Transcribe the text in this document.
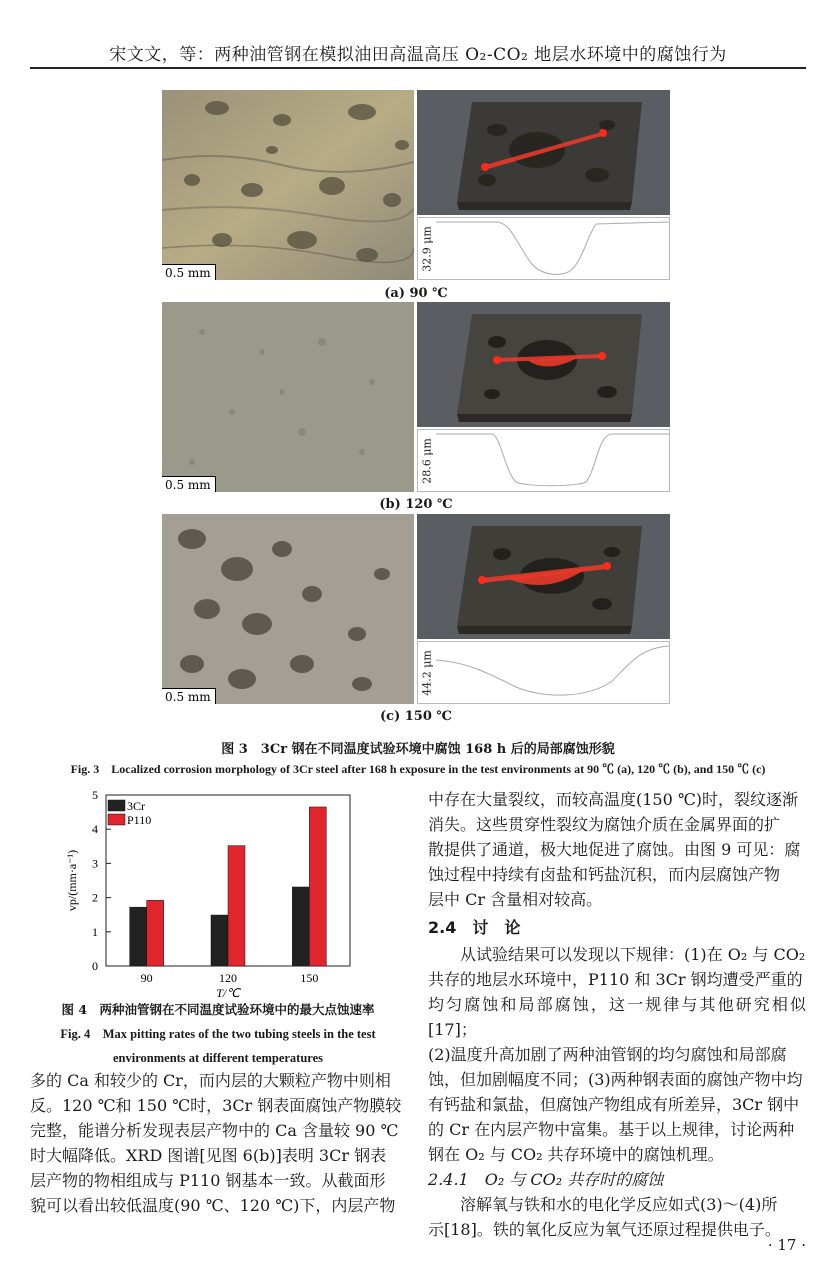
宋文文，等：两种油管钢在模拟油田高温高压 O₂-CO₂ 地层水环境中的腐蚀行为
0.5 mm
32.9 μm
(a) 90 ℃
0.5 mm
28.6 μm
(b) 120 ℃
0.5 mm
44.2 μm
(c) 150 ℃
图 3　3Cr 钢在不同温度试验环境中腐蚀 168 h 后的局部腐蚀形貌
Fig. 3　Localized corrosion morphology of 3Cr steel after 168 h exposure in the test environments at 90 ℃ (a), 120 ℃ (b), and 150 ℃ (c)
0
1
2
3
4
5
90	120	150
T/℃
vp/(mm·a⁻¹)
3Cr
P110
图 4　两种油管钢在不同温度试验环境中的最大点蚀速率
Fig. 4　Max pitting rates of the two tubing steels in the test
environments at different temperatures

多的 Ca 和较少的 Cr，而内层的大颗粒产物中则相

反。120 ℃和 150 ℃时，3Cr 钢表面腐蚀产物膜较

完整，能谱分析发现表层产物中的 Ca 含量较 90 ℃

时大幅降低。XRD 图谱[见图 6(b)]表明 3Cr 钢表

层产物的物相组成与 P110 钢基本一致。从截面形

貌可以看出较低温度(90 ℃、120 ℃)下，内层产物

中存在大量裂纹，而较高温度(150 ℃)时，裂纹逐渐

消失。这些贯穿性裂纹为腐蚀介质在金属界面的扩

散提供了通道，极大地促进了腐蚀。由图 9 可见：腐

蚀过程中持续有卤盐和钙盐沉积，而内层腐蚀产物

层中 Cr 含量相对较高。

2.4　讨　论

　　从试验结果可以发现以下规律：(1)在 O₂ 与 CO₂

共存的地层水环境中，P110 和 3Cr 钢均遭受严重的

均匀腐蚀和局部腐蚀，这一规律与其他研究相似[17]；

(2)温度升高加剧了两种油管钢的均匀腐蚀和局部腐

蚀，但加剧幅度不同；(3)两种钢表面的腐蚀产物中均

有钙盐和氯盐，但腐蚀产物组成有所差异，3Cr 钢中

的 Cr 在内层产物中富集。基于以上规律，讨论两种

钢在 O₂ 与 CO₂ 共存环境中的腐蚀机理。

2.4.1　O₂ 与 CO₂ 共存时的腐蚀

　　溶解氧与铁和水的电化学反应如式(3)～(4)所

示[18]。铁的氧化反应为氧气还原过程提供电子。

· 17 ·
